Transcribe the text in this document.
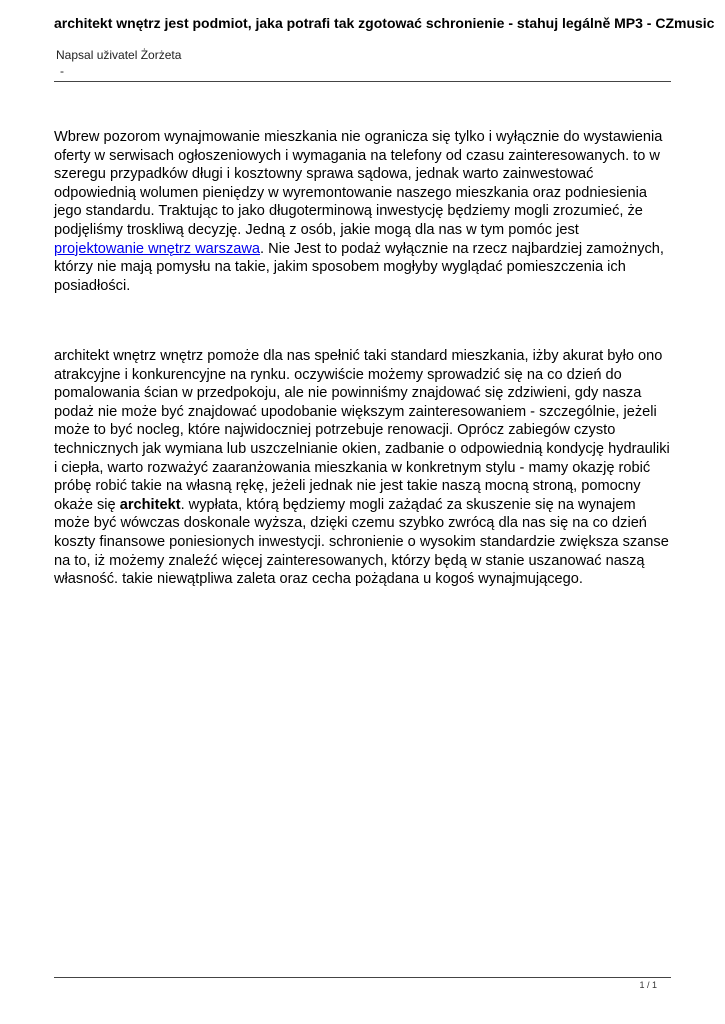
architekt wnętrz jest podmiot, jaka potrafi tak zgotować schronienie - stahuj legálně MP3 - CZmusic
Napsal uživatel Żorżeta
-
Wbrew pozorom wynajmowanie mieszkania nie ogranicza się tylko i wyłącznie do wystawienia oferty w serwisach ogłoszeniowych i wymagania na telefony od czasu zainteresowanych. to w szeregu przypadków długi i kosztowny sprawa sądowa, jednak warto zainwestować odpowiednią wolumen pieniędzy w wyremontowanie naszego mieszkania oraz podniesienia jego standardu. Traktując to jako długoterminową inwestycję będziemy mogli zrozumieć, że podjęliśmy troskliwą decyzję. Jedną z osób, jakie mogą dla nas w tym pomóc jest projektowanie wnętrz warszawa. Nie Jest to podaż wyłącznie na rzecz najbardziej zamożnych, którzy nie mają pomysłu na takie, jakim sposobem mogłyby wyglądać pomieszczenia ich posiadłości.
architekt wnętrz wnętrz pomoże dla nas spełnić taki standard mieszkania, iżby akurat było ono atrakcyjne i konkurencyjne na rynku. oczywiście możemy sprowadzić się na co dzień do pomalowania ścian w przedpokoju, ale nie powinniśmy znajdować się zdziwieni, gdy nasza podaż nie może być znajdować upodobanie większym zainteresowaniem - szczególnie, jeżeli może to być nocleg, które najwidoczniej potrzebuje renowacji. Oprócz zabiegów czysto technicznych jak wymiana lub uszczelnianie okien, zadbanie o odpowiednią kondycję hydrauliki i ciepła, warto rozważyć zaaranżowania mieszkania w konkretnym stylu - mamy okazję robić próbę robić takie na własną rękę, jeżeli jednak nie jest takie naszą mocną stroną, pomocny okaże się architekt. wypłata, którą będziemy mogli zażądać za skuszenie się na wynajem może być wówczas doskonale wyższa, dzięki czemu szybko zwrócą dla nas się na co dzień koszty finansowe poniesionych inwestycji. schronienie o wysokim standardzie zwiększa szanse na to, iż możemy znaleźć więcej zainteresowanych, którzy będą w stanie uszanować naszą własność. takie niewątpliwa zaleta oraz cecha pożądana u kogoś wynajmującego.
1 / 1
